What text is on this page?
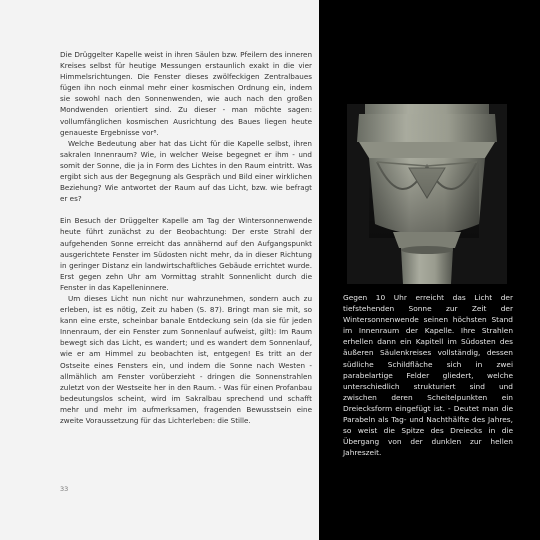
Die Drüggelter Kapelle weist in ihren Säulen bzw. Pfeilern des inneren Kreises selbst für heutige Messungen erstaunlich exakt in die vier Himmelsrichtungen. Die Fenster dieses zwölfeckigen Zentralbaues fügen ihn noch einmal mehr einer kosmischen Ordnung ein, indem sie sowohl nach den Sonnenwenden, wie auch nach den großen Mondwenden orientiert sind. Zu dieser - man möchte sagen: vollumfänglichen kosmischen Ausrichtung des Baues liegen heute genaueste Ergebnisse vor⁸.

Welche Bedeutung aber hat das Licht für die Kapelle selbst, ihren sakralen Innenraum? Wie, in welcher Weise begegnet er ihm - und somit der Sonne, die ja in Form des Lichtes in den Raum eintritt. Was ergibt sich aus der Begegnung als Gespräch und Bild einer wirklichen Beziehung? Wie antwortet der Raum auf das Licht, bzw. wie befragt er es?

Ein Besuch der Drüggelter Kapelle am Tag der Wintersonnenwende heute führt zunächst zu der Beobachtung: Der erste Strahl der aufgehenden Sonne erreicht das annähernd auf den Aufgangspunkt ausgerichtete Fenster im Südosten nicht mehr, da in dieser Richtung in geringer Distanz ein landwirtschaftliches Gebäude errichtet wurde. Erst gegen zehn Uhr am Vormittag strahlt Sonnenlicht durch die Fenster in das Kapelleninnere.

Um dieses Licht nun nicht nur wahrzunehmen, sondern auch zu erleben, ist es nötig, Zeit zu haben (S. 87). Bringt man sie mit, so kann eine erste, scheinbar banale Entdeckung sein (da sie für jeden Innenraum, der ein Fenster zum Sonnenlauf aufweist, gilt): Im Raum bewegt sich das Licht, es wandert; und es wandert dem Sonnenlauf, wie er am Himmel zu beobachten ist, entgegen! Es tritt an der Ostseite eines Fensters ein, und indem die Sonne nach Westen - allmählich am Fenster vorüberzieht - dringen die Sonnenstrahlen zuletzt von der Westseite her in den Raum. - Was für einen Profanbau bedeutungslos scheint, wird im Sakralbau sprechend und schafft mehr und mehr im aufmerksamen, fragenden Bewusstsein eine zweite Voraussetzung für das Lichterleben: die Stille.

33

Gegen 10 Uhr erreicht das Licht der tiefstehenden Sonne zur Zeit der Wintersonnenwende seinen höchsten Stand im Innenraum der Kapelle. Ihre Strahlen erhellen dann ein Kapitell im Südosten des äußeren Säulenkreises vollständig, dessen südliche Schildfläche sich in zwei parabelartige Felder gliedert, welche unterschiedlich strukturiert sind und zwischen deren Scheitelpunkten ein Dreiecksform eingefügt ist. - Deutet man die Parabeln als Tag- und Nachthälfte des Jahres, so weist die Spitze des Dreiecks in die Übergang von der dunklen zur hellen Jahreszeit.
